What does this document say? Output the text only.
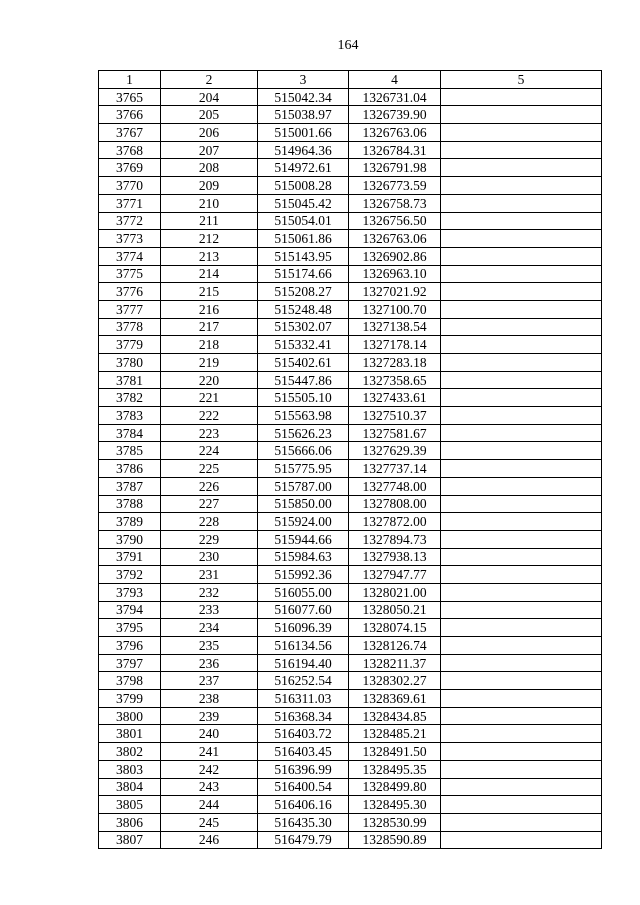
164
1	2	3	4	5
3765	204	515042.34	1326731.04	
3766	205	515038.97	1326739.90	
3767	206	515001.66	1326763.06	
3768	207	514964.36	1326784.31	
3769	208	514972.61	1326791.98	
3770	209	515008.28	1326773.59	
3771	210	515045.42	1326758.73	
3772	211	515054.01	1326756.50	
3773	212	515061.86	1326763.06	
3774	213	515143.95	1326902.86	
3775	214	515174.66	1326963.10	
3776	215	515208.27	1327021.92	
3777	216	515248.48	1327100.70	
3778	217	515302.07	1327138.54	
3779	218	515332.41	1327178.14	
3780	219	515402.61	1327283.18	
3781	220	515447.86	1327358.65	
3782	221	515505.10	1327433.61	
3783	222	515563.98	1327510.37	
3784	223	515626.23	1327581.67	
3785	224	515666.06	1327629.39	
3786	225	515775.95	1327737.14	
3787	226	515787.00	1327748.00	
3788	227	515850.00	1327808.00	
3789	228	515924.00	1327872.00	
3790	229	515944.66	1327894.73	
3791	230	515984.63	1327938.13	
3792	231	515992.36	1327947.77	
3793	232	516055.00	1328021.00	
3794	233	516077.60	1328050.21	
3795	234	516096.39	1328074.15	
3796	235	516134.56	1328126.74	
3797	236	516194.40	1328211.37	
3798	237	516252.54	1328302.27	
3799	238	516311.03	1328369.61	
3800	239	516368.34	1328434.85	
3801	240	516403.72	1328485.21	
3802	241	516403.45	1328491.50	
3803	242	516396.99	1328495.35	
3804	243	516400.54	1328499.80	
3805	244	516406.16	1328495.30	
3806	245	516435.30	1328530.99	
3807	246	516479.79	1328590.89	
